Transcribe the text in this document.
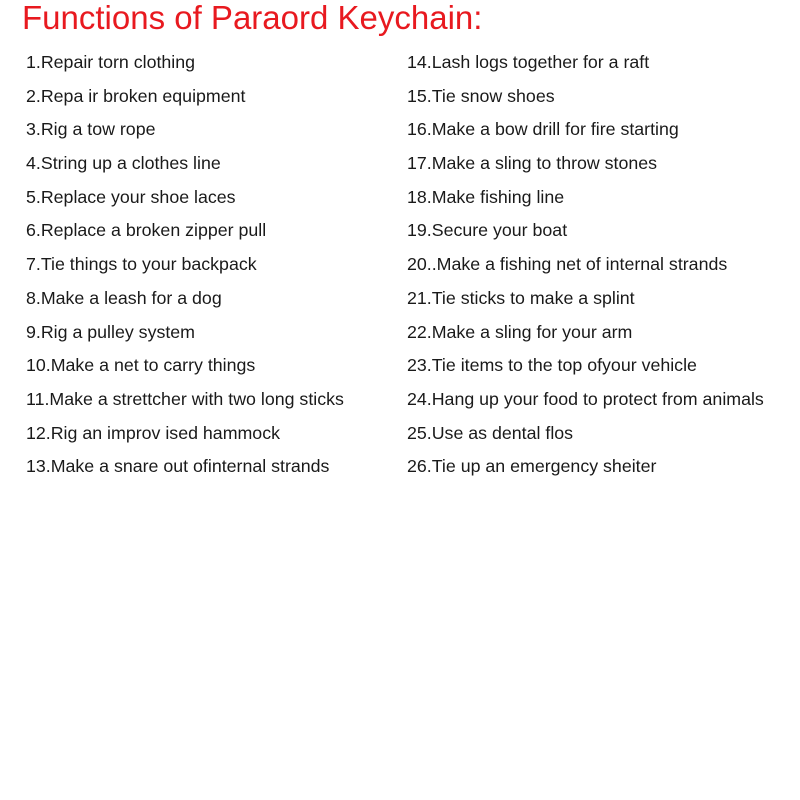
Functions of Paraord Keychain:
1.Repair torn clothing
2.Repa ir broken equipment
3.Rig a tow rope
4.String up a clothes line
5.Replace your shoe laces
6.Replace a broken zipper pull
7.Tie things to your backpack
8.Make a leash for a dog
9.Rig a pulley system
10.Make a net to carry things
11.Make a strettcher with two long sticks
12.Rig an improv ised hammock
13.Make a snare out ofinternal strands
14.Lash logs together for a raft
15.Tie snow shoes
16.Make a bow drill for fire starting
17.Make a sling to throw stones
18.Make fishing line
19.Secure your boat
20..Make a fishing net of internal strands
21.Tie sticks to make a splint
22.Make a sling for your arm
23.Tie items to the top ofyour vehicle
24.Hang up your food to protect from animals
25.Use as dental flos
26.Tie up an emergency sheiter
